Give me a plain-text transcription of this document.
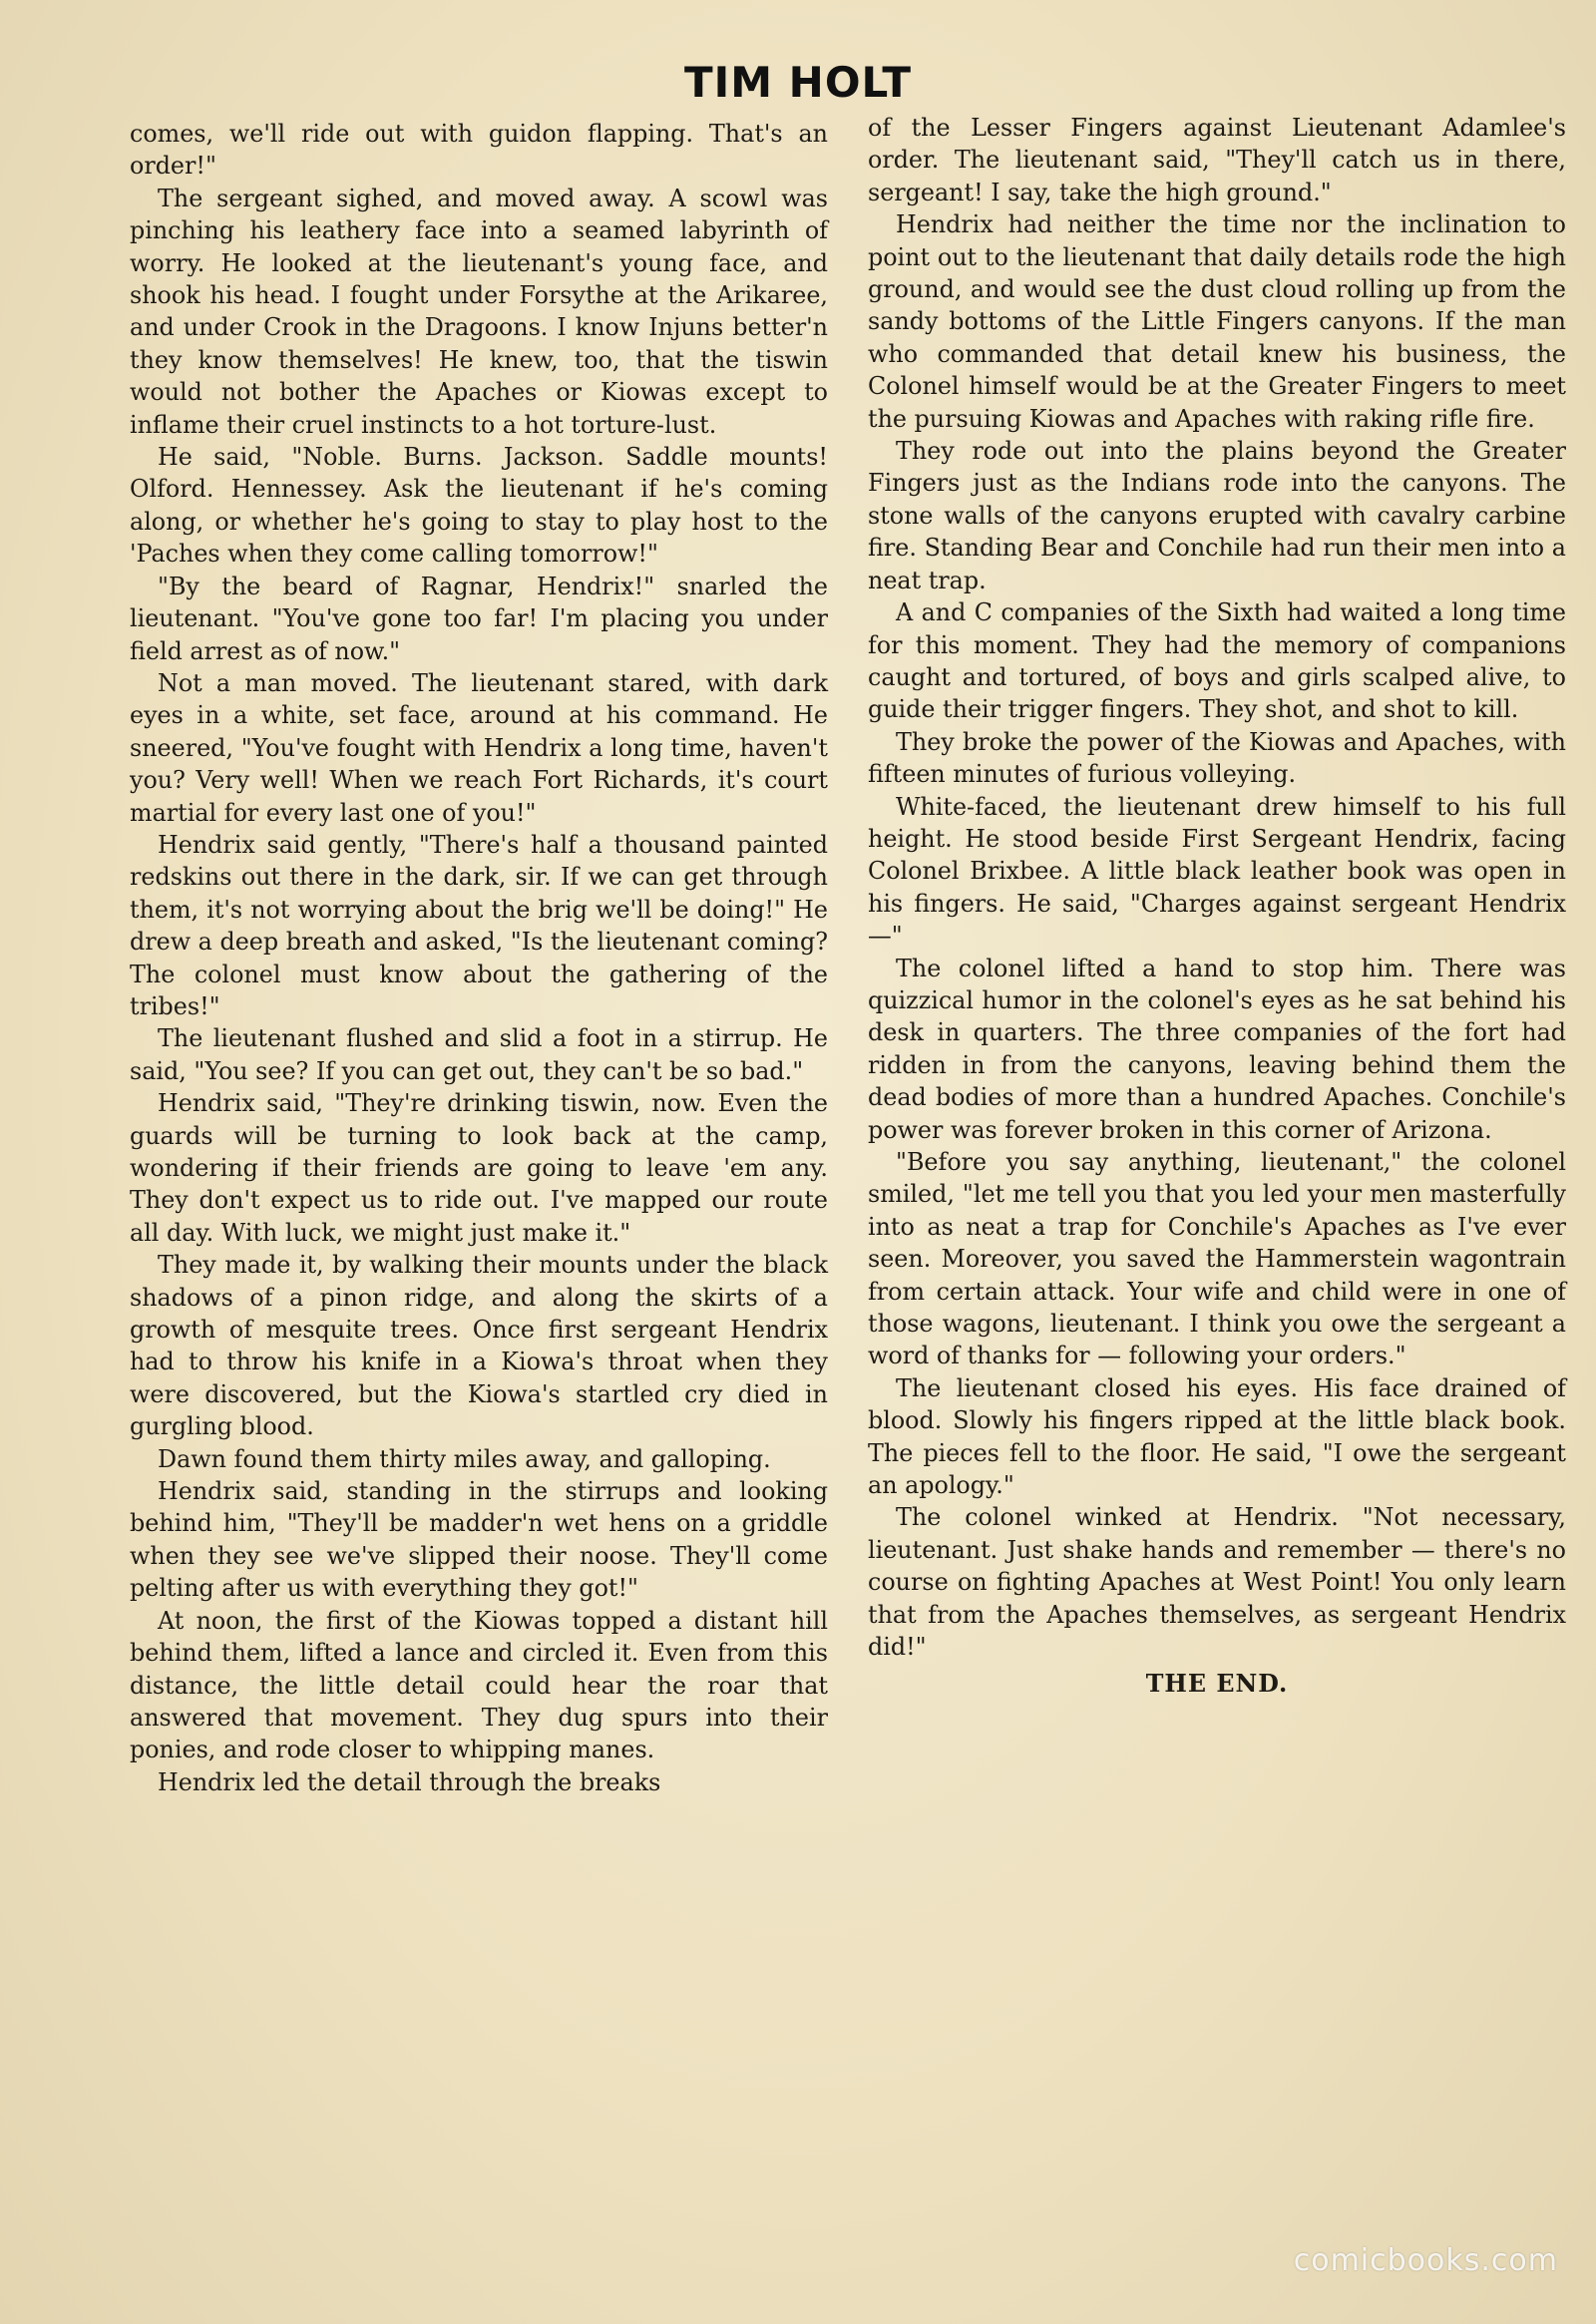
TIM HOLT

comes, we'll ride out with guidon flapping. That's an order!"

The sergeant sighed, and moved away. A scowl was pinching his leathery face into a seamed labyrinth of worry. He looked at the lieutenant's young face, and shook his head. I fought under Forsythe at the Arikaree, and under Crook in the Dragoons. I know Injuns better'n they know themselves! He knew, too, that the tiswin would not bother the Apaches or Kiowas except to inflame their cruel instincts to a hot torture-lust.

He said, "Noble. Burns. Jackson. Saddle mounts! Olford. Hennessey. Ask the lieutenant if he's coming along, or whether he's going to stay to play host to the 'Paches when they come calling tomorrow!"

"By the beard of Ragnar, Hendrix!" snarled the lieutenant. "You've gone too far! I'm placing you under field arrest as of now."

Not a man moved. The lieutenant stared, with dark eyes in a white, set face, around at his command. He sneered, "You've fought with Hendrix a long time, haven't you? Very well! When we reach Fort Richards, it's court martial for every last one of you!"

Hendrix said gently, "There's half a thousand painted redskins out there in the dark, sir. If we can get through them, it's not worrying about the brig we'll be doing!" He drew a deep breath and asked, "Is the lieutenant coming? The colonel must know about the gathering of the tribes!"

The lieutenant flushed and slid a foot in a stirrup. He said, "You see? If you can get out, they can't be so bad."

Hendrix said, "They're drinking tiswin, now. Even the guards will be turning to look back at the camp, wondering if their friends are going to leave 'em any. They don't expect us to ride out. I've mapped our route all day. With luck, we might just make it."

They made it, by walking their mounts under the black shadows of a pinon ridge, and along the skirts of a growth of mesquite trees. Once first sergeant Hendrix had to throw his knife in a Kiowa's throat when they were discovered, but the Kiowa's startled cry died in gurgling blood.

Dawn found them thirty miles away, and galloping.

Hendrix said, standing in the stirrups and looking behind him, "They'll be madder'n wet hens on a griddle when they see we've slipped their noose. They'll come pelting after us with everything they got!"

At noon, the first of the Kiowas topped a distant hill behind them, lifted a lance and circled it. Even from this distance, the little detail could hear the roar that answered that movement. They dug spurs into their ponies, and rode closer to whipping manes.

Hendrix led the detail through the breaks

of the Lesser Fingers against Lieutenant Adamlee's order. The lieutenant said, "They'll catch us in there, sergeant! I say, take the high ground."

Hendrix had neither the time nor the inclination to point out to the lieutenant that daily details rode the high ground, and would see the dust cloud rolling up from the sandy bottoms of the Little Fingers canyons. If the man who commanded that detail knew his business, the Colonel himself would be at the Greater Fingers to meet the pursuing Kiowas and Apaches with raking rifle fire.

They rode out into the plains beyond the Greater Fingers just as the Indians rode into the canyons. The stone walls of the canyons erupted with cavalry carbine fire. Standing Bear and Conchile had run their men into a neat trap.

A and C companies of the Sixth had waited a long time for this moment. They had the memory of companions caught and tortured, of boys and girls scalped alive, to guide their trigger fingers. They shot, and shot to kill.

They broke the power of the Kiowas and Apaches, with fifteen minutes of furious volleying.

White-faced, the lieutenant drew himself to his full height. He stood beside First Sergeant Hendrix, facing Colonel Brixbee. A little black leather book was open in his fingers. He said, "Charges against sergeant Hendrix —"

The colonel lifted a hand to stop him. There was quizzical humor in the colonel's eyes as he sat behind his desk in quarters. The three companies of the fort had ridden in from the canyons, leaving behind them the dead bodies of more than a hundred Apaches. Conchile's power was forever broken in this corner of Arizona.

"Before you say anything, lieutenant," the colonel smiled, "let me tell you that you led your men masterfully into as neat a trap for Conchile's Apaches as I've ever seen. Moreover, you saved the Hammerstein wagontrain from certain attack. Your wife and child were in one of those wagons, lieutenant. I think you owe the sergeant a word of thanks for — following your orders."

The lieutenant closed his eyes. His face drained of blood. Slowly his fingers ripped at the little black book. The pieces fell to the floor. He said, "I owe the sergeant an apology."

The colonel winked at Hendrix. "Not necessary, lieutenant. Just shake hands and remember — there's no course on fighting Apaches at West Point! You only learn that from the Apaches themselves, as sergeant Hendrix did!"

THE END.
comicbooks.com
